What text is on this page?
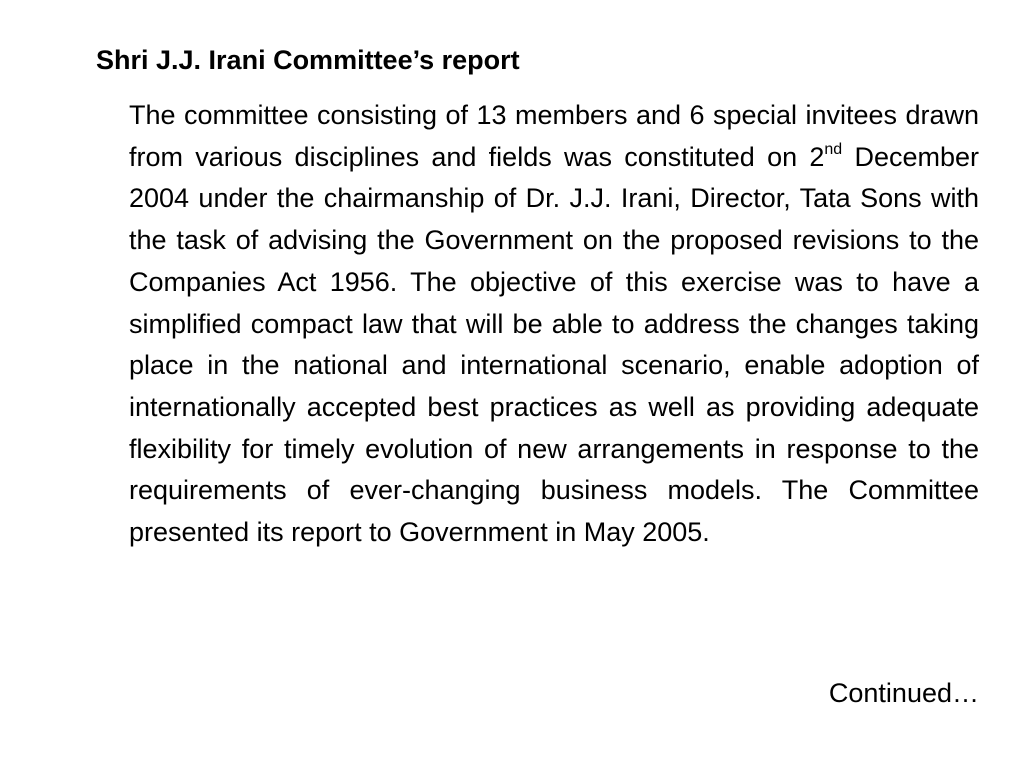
Shri J.J. Irani Committee’s report
The committee consisting of 13 members and 6 special invitees drawn from various disciplines and fields was constituted on 2nd December 2004 under the chairmanship of Dr. J.J. Irani, Director, Tata Sons with the task of advising the Government on the proposed revisions to the Companies Act 1956. The objective of this exercise was to have a simplified compact law that will be able to address the changes taking place in the national and international scenario, enable adoption of internationally accepted best practices as well as providing adequate flexibility for timely evolution of new arrangements in response to the requirements of ever-changing business models. The Committee presented its report to Government in May 2005.
Continued…
